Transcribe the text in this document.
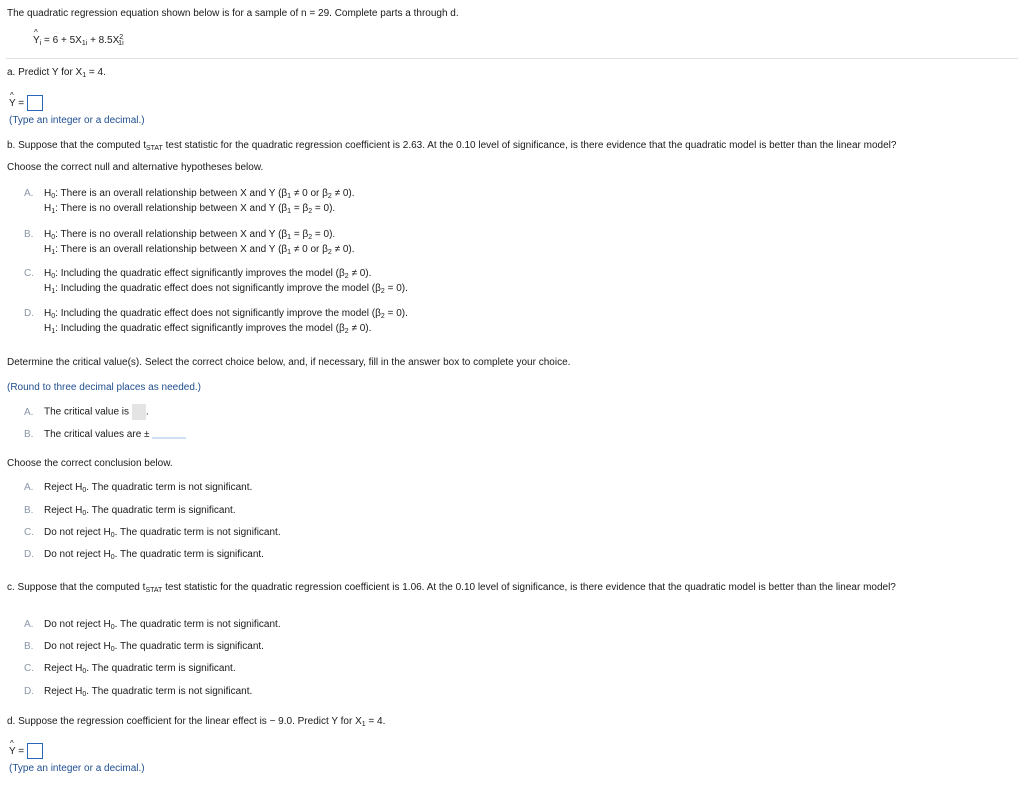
The quadratic regression equation shown below is for a sample of n = 29. Complete parts a through d.
^ $Y_i = 6 + 5X_{1i} + 8.5X^2_{1i}$
a. Predict Y for $X_1 = 4$.
^ Y =
(Type an integer or a decimal.)
b. Suppose that the computed $t_{STAT}$ test statistic for the quadratic regression coefficient is 2.63. At the 0.10 level of significance, is there evidence that the quadratic model is better than the linear model?
Choose the correct null and alternative hypotheses below.
A. $H_0$: There is an overall relationship between X and Y ($\beta_1 \ne 0$ or $\beta_2 \ne 0$).
$H_1$: There is no overall relationship between X and Y $(\beta_1 = \beta_2 = 0)$.
B. $H_0$: There is no overall relationship between X and Y $(\beta_1 = \beta_2 = 0)$.
$H_1$: There is an overall relationship between X and Y ($\beta_1 \ne 0$ or $\beta_2 \ne 0$).
C. $H_0$: Including the quadratic effect significantly improves the model $(\beta_2 \ne 0)$.
$H_1$: Including the quadratic effect does not significantly improve the model $(\beta_2 = 0)$.
D. $H_0$: Including the quadratic effect does not significantly improve the model $(\beta_2 = 0)$.
$H_1$: Including the quadratic effect significantly improves the model $(\beta_2 \ne 0)$.
Determine the critical value(s). Select the correct choice below, and, if necessary, fill in the answer box to complete your choice.
(Round to three decimal places as needed.)
A. The critical value is .
B. The critical values are ±
Choose the correct conclusion below.
A. Reject $H_0$. The quadratic term is not significant.
B. Reject $H_0$. The quadratic term is significant.
C. Do not reject $H_0$. The quadratic term is not significant.
D. Do not reject $H_0$. The quadratic term is significant.
c. Suppose that the computed $t_{STAT}$ test statistic for the quadratic regression coefficient is 1.06. At the 0.10 level of significance, is there evidence that the quadratic model is better than the linear model?
A. Do not reject $H_0$. The quadratic term is not significant.
B. Do not reject $H_0$. The quadratic term is significant.
C. Reject $H_0$. The quadratic term is significant.
D. Reject $H_0$. The quadratic term is not significant.
d. Suppose the regression coefficient for the linear effect is − 9.0. Predict Y for $X_1 = 4$.
^ Y =
(Type an integer or a decimal.)
